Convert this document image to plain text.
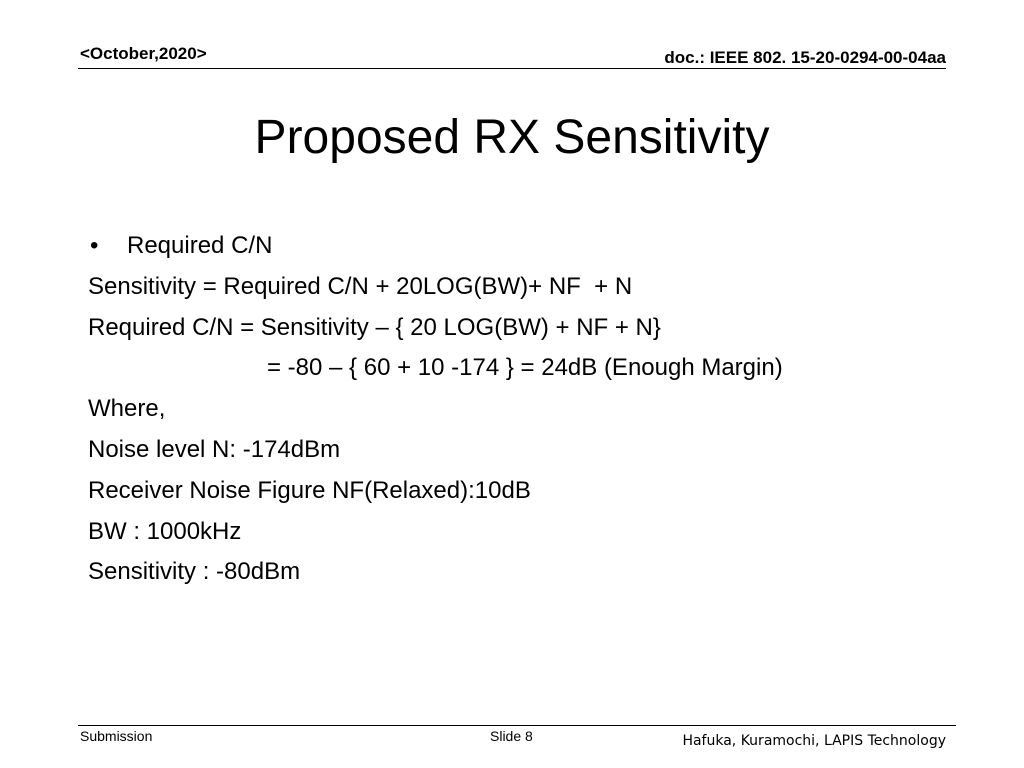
<October,2020>	doc.: IEEE 802. 15-20-0294-00-04aa
Proposed RX Sensitivity
•	Required C/N
Sensitivity = Required C/N + 20LOG(BW)+ NF  + N
Required C/N = Sensitivity – { 20 LOG(BW) + NF + N}
= -80 – { 60 + 10 -174 } = 24dB (Enough Margin)
Where,
Noise level N: -174dBm
Receiver Noise Figure NF(Relaxed):10dB
BW : 1000kHz
Sensitivity : -80dBm
Submission	Slide 8	Hafuka, Kuramochi, LAPIS Technology
